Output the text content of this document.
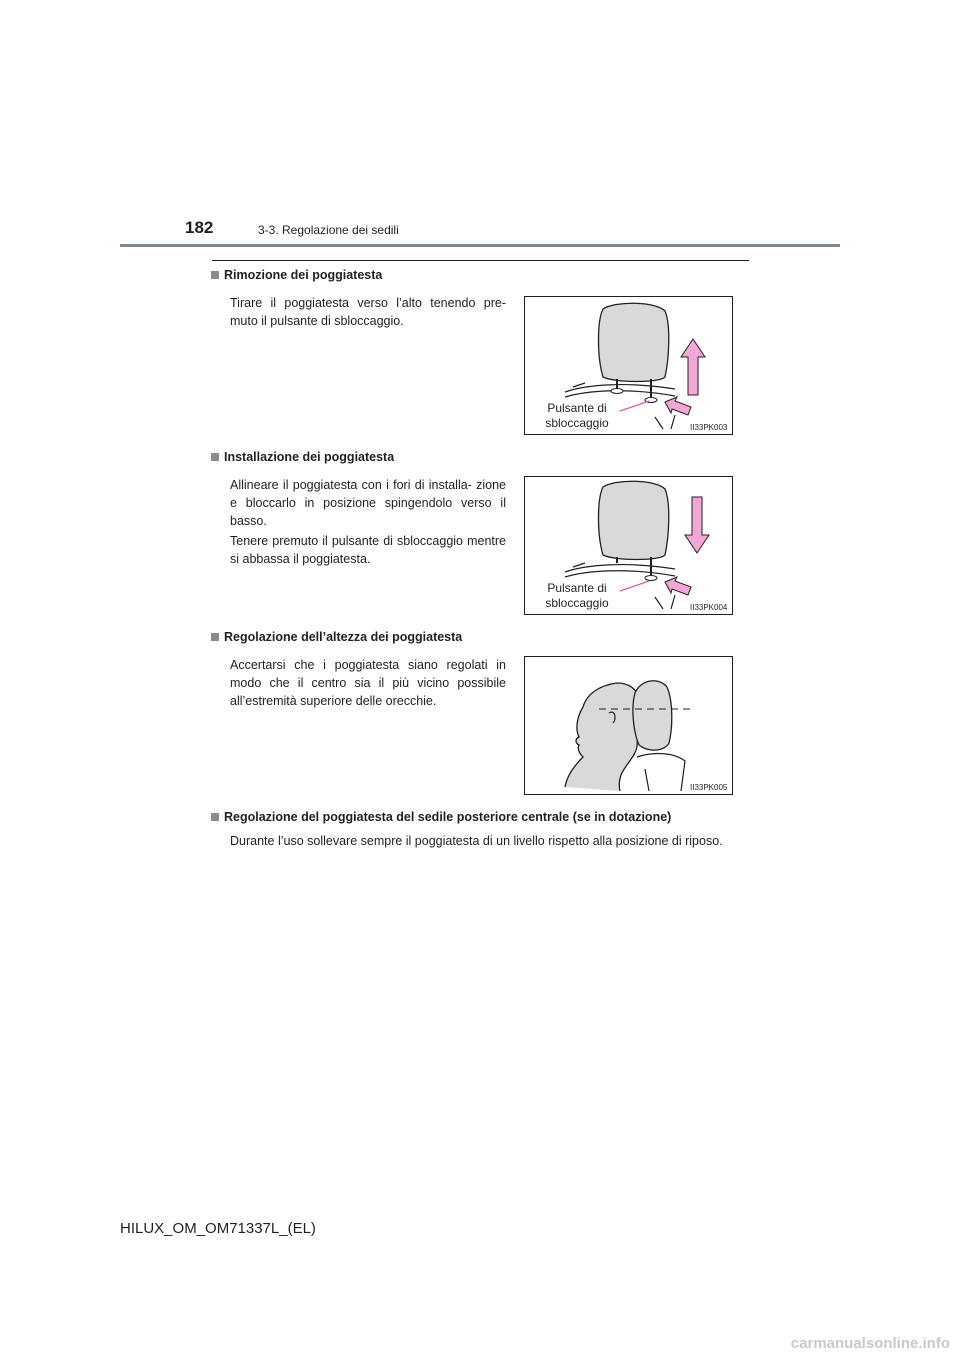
182	3-3. Regolazione dei sedili
Rimozione dei poggiatesta
Tirare il poggiatesta verso l’alto tenendo pre- muto il pulsante di sbloccaggio.
Pulsante di
sbloccaggio	II33PK003
Installazione dei poggiatesta
Allineare il poggiatesta con i fori di installa- zione e bloccarlo in posizione spingendolo verso il basso.
Tenere premuto il pulsante di sbloccaggio mentre si abbassa il poggiatesta.
Pulsante di
sbloccaggio	II33PK004
Regolazione dell’altezza dei poggiatesta
Accertarsi che i poggiatesta siano regolati in modo che il centro sia il più vicino possibile all’estremità superiore delle orecchie.
II33PK005
Regolazione del poggiatesta del sedile posteriore centrale (se in dotazione)
Durante l’uso sollevare sempre il poggiatesta di un livello rispetto alla posizione di riposo.
HILUX_OM_OM71337L_(EL)
carmanualsonline.info
